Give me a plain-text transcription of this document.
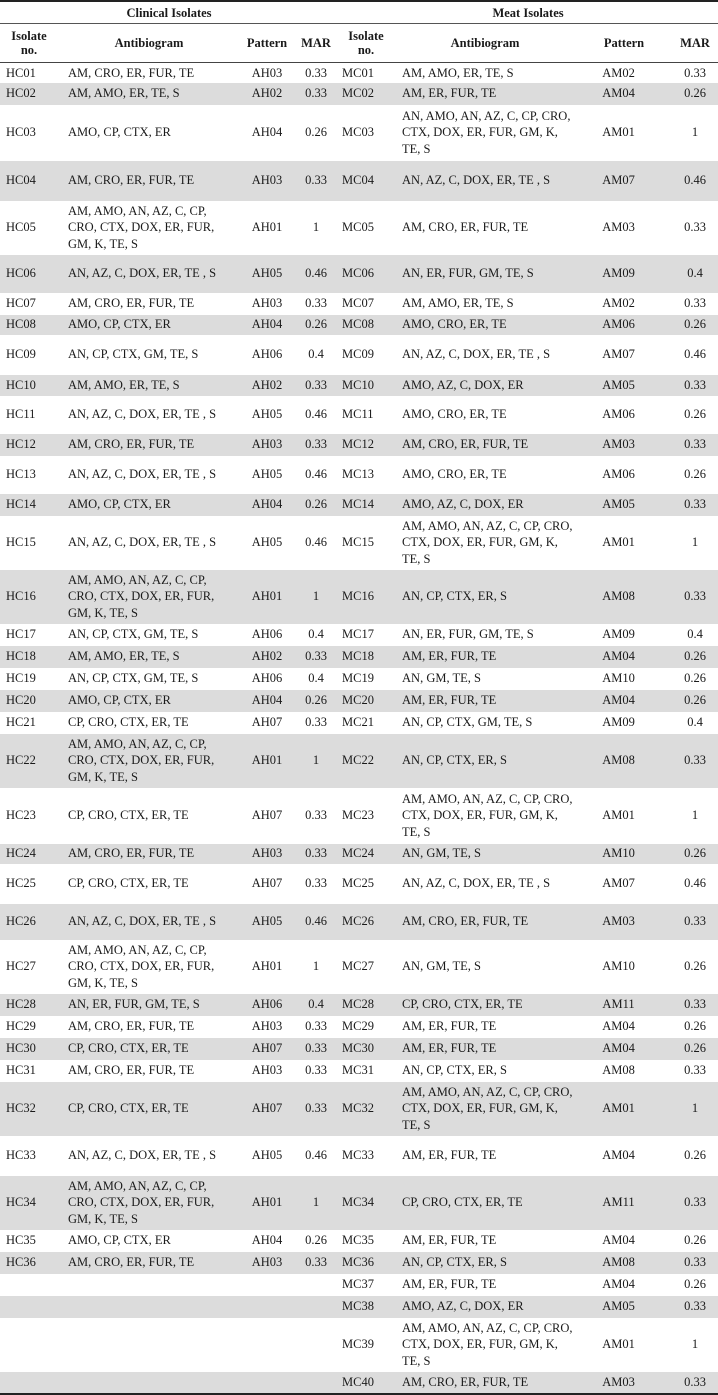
Clinical Isolates				Meat Isolates			
Isolate no.	Antibiogram	Pattern	MAR	Isolate no.	Antibiogram	Pattern	MAR
HC01	AM, CRO, ER, FUR, TE	AH03	0.33	MC01	AM, AMO, ER, TE, S	AM02	0.33
HC02	AM, AMO, ER, TE, S	AH02	0.33	MC02	AM, ER, FUR, TE	AM04	0.26
HC03	AMO, CP, CTX, ER	AH04	0.26	MC03	AN, AMO, AN, AZ, C, CP, CRO, CTX, DOX, ER, FUR, GM, K, TE, S	AM01	1
HC04	AM, CRO, ER, FUR, TE	AH03	0.33	MC04	AN, AZ, C, DOX, ER, TE , S	AM07	0.46
HC05	AM, AMO, AN, AZ, C, CP, CRO, CTX, DOX, ER, FUR, GM, K, TE, S	AH01	1	MC05	AM, CRO, ER, FUR, TE	AM03	0.33
HC06	AN, AZ, C, DOX, ER, TE , S	AH05	0.46	MC06	AN, ER, FUR, GM, TE, S	AM09	0.4
HC07	AM, CRO, ER, FUR, TE	AH03	0.33	MC07	AM, AMO, ER, TE, S	AM02	0.33
HC08	AMO, CP, CTX, ER	AH04	0.26	MC08	AMO, CRO, ER, TE	AM06	0.26
HC09	AN, CP, CTX, GM, TE, S	AH06	0.4	MC09	AN, AZ, C, DOX, ER, TE , S	AM07	0.46
HC10	AM, AMO, ER, TE, S	AH02	0.33	MC10	AMO, AZ, C, DOX, ER	AM05	0.33
HC11	AN, AZ, C, DOX, ER, TE , S	AH05	0.46	MC11	AMO, CRO, ER, TE	AM06	0.26
HC12	AM, CRO, ER, FUR, TE	AH03	0.33	MC12	AM, CRO, ER, FUR, TE	AM03	0.33
HC13	AN, AZ, C, DOX, ER, TE , S	AH05	0.46	MC13	AMO, CRO, ER, TE	AM06	0.26
HC14	AMO, CP, CTX, ER	AH04	0.26	MC14	AMO, AZ, C, DOX, ER	AM05	0.33
HC15	AN, AZ, C, DOX, ER, TE , S	AH05	0.46	MC15	AM, AMO, AN, AZ, C, CP, CRO, CTX, DOX, ER, FUR, GM, K, TE, S	AM01	1
HC16	AM, AMO, AN, AZ, C, CP, CRO, CTX, DOX, ER, FUR, GM, K, TE, S	AH01	1	MC16	AN, CP, CTX, ER, S	AM08	0.33
HC17	AN, CP, CTX, GM, TE, S	AH06	0.4	MC17	AN, ER, FUR, GM, TE, S	AM09	0.4
HC18	AM, AMO, ER, TE, S	AH02	0.33	MC18	AM, ER, FUR, TE	AM04	0.26
HC19	AN, CP, CTX, GM, TE, S	AH06	0.4	MC19	AN, GM, TE, S	AM10	0.26
HC20	AMO, CP, CTX, ER	AH04	0.26	MC20	AM, ER, FUR, TE	AM04	0.26
HC21	CP, CRO, CTX, ER, TE	AH07	0.33	MC21	AN, CP, CTX, GM, TE, S	AM09	0.4
HC22	AM, AMO, AN, AZ, C, CP, CRO, CTX, DOX, ER, FUR, GM, K, TE, S	AH01	1	MC22	AN, CP, CTX, ER, S	AM08	0.33
HC23	CP, CRO, CTX, ER, TE	AH07	0.33	MC23	AM, AMO, AN, AZ, C, CP, CRO, CTX, DOX, ER, FUR, GM, K, TE, S	AM01	1
HC24	AM, CRO, ER, FUR, TE	AH03	0.33	MC24	AN, GM, TE, S	AM10	0.26
HC25	CP, CRO, CTX, ER, TE	AH07	0.33	MC25	AN, AZ, C, DOX, ER, TE , S	AM07	0.46
HC26	AN, AZ, C, DOX, ER, TE , S	AH05	0.46	MC26	AM, CRO, ER, FUR, TE	AM03	0.33
HC27	AM, AMO, AN, AZ, C, CP, CRO, CTX, DOX, ER, FUR, GM, K, TE, S	AH01	1	MC27	AN, GM, TE, S	AM10	0.26
HC28	AN, ER, FUR, GM, TE, S	AH06	0.4	MC28	CP, CRO, CTX, ER, TE	AM11	0.33
HC29	AM, CRO, ER, FUR, TE	AH03	0.33	MC29	AM, ER, FUR, TE	AM04	0.26
HC30	CP, CRO, CTX, ER, TE	AH07	0.33	MC30	AM, ER, FUR, TE	AM04	0.26
HC31	AM, CRO, ER, FUR, TE	AH03	0.33	MC31	AN, CP, CTX, ER, S	AM08	0.33
HC32	CP, CRO, CTX, ER, TE	AH07	0.33	MC32	AM, AMO, AN, AZ, C, CP, CRO, CTX, DOX, ER, FUR, GM, K, TE, S	AM01	1
HC33	AN, AZ, C, DOX, ER, TE , S	AH05	0.46	MC33	AM, ER, FUR, TE	AM04	0.26
HC34	AM, AMO, AN, AZ, C, CP, CRO, CTX, DOX, ER, FUR, GM, K, TE, S	AH01	1	MC34	CP, CRO, CTX, ER, TE	AM11	0.33
HC35	AMO, CP, CTX, ER	AH04	0.26	MC35	AM, ER, FUR, TE	AM04	0.26
HC36	AM, CRO, ER, FUR, TE	AH03	0.33	MC36	AN, CP, CTX, ER, S	AM08	0.33
				MC37	AM, ER, FUR, TE	AM04	0.26
				MC38	AMO, AZ, C, DOX, ER	AM05	0.33
				MC39	AM, AMO, AN, AZ, C, CP, CRO, CTX, DOX, ER, FUR, GM, K, TE, S	AM01	1
				MC40	AM, CRO, ER, FUR, TE	AM03	0.33
